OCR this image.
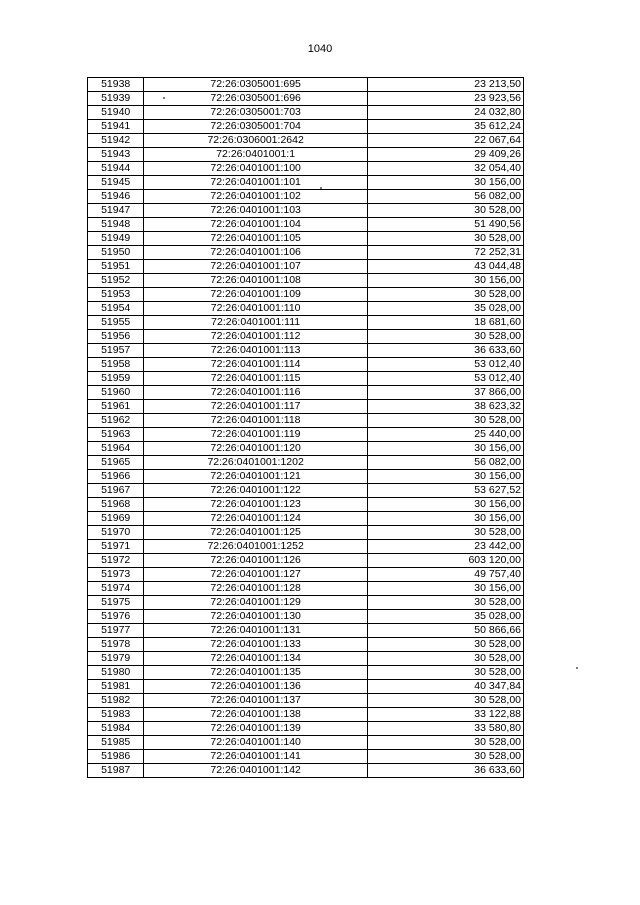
1040
51938	72:26:0305001:695	23 213,50
51939	72:26:0305001:696	23 923,56
51940	72:26:0305001:703	24 032,80
51941	72:26:0305001:704	35 612,24
51942	72:26:0306001:2642	22 067,64
51943	72:26:0401001:1	29 409,26
51944	72:26:0401001:100	32 054,40
51945	72:26:0401001:101	30 156,00
51946	72:26:0401001:102	56 082,00
51947	72:26:0401001:103	30 528,00
51948	72:26:0401001:104	51 490,56
51949	72:26:0401001:105	30 528,00
51950	72:26:0401001:106	72 252,31
51951	72:26:0401001:107	43 044,48
51952	72:26:0401001:108	30 156,00
51953	72:26:0401001:109	30 528,00
51954	72:26:0401001:110	35 028,00
51955	72:26:0401001:111	18 681,60
51956	72:26:0401001:112	30 528,00
51957	72:26:0401001:113	36 633,60
51958	72:26:0401001:114	53 012,40
51959	72:26:0401001:115	53 012,40
51960	72:26:0401001:116	37 866,00
51961	72:26:0401001:117	38 623,32
51962	72:26:0401001:118	30 528,00
51963	72:26:0401001:119	25 440,00
51964	72:26:0401001:120	30 156,00
51965	72:26:0401001:1202	56 082,00
51966	72:26:0401001:121	30 156,00
51967	72:26:0401001:122	53 627,52
51968	72:26:0401001:123	30 156,00
51969	72:26:0401001:124	30 156,00
51970	72:26:0401001:125	30 528,00
51971	72:26:0401001:1252	23 442,00
51972	72:26:0401001:126	603 120,00
51973	72:26:0401001:127	49 757,40
51974	72:26:0401001:128	30 156,00
51975	72:26:0401001:129	30 528,00
51976	72:26:0401001:130	35 028,00
51977	72:26:0401001:131	50 866,66
51978	72:26:0401001:133	30 528,00
51979	72:26:0401001:134	30 528,00
51980	72:26:0401001:135	30 528,00
51981	72:26:0401001:136	40 347,84
51982	72:26:0401001:137	30 528,00
51983	72:26:0401001:138	33 122,88
51984	72:26:0401001:139	33 580,80
51985	72:26:0401001:140	30 528,00
51986	72:26:0401001:141	30 528,00
51987	72:26:0401001:142	36 633,60
